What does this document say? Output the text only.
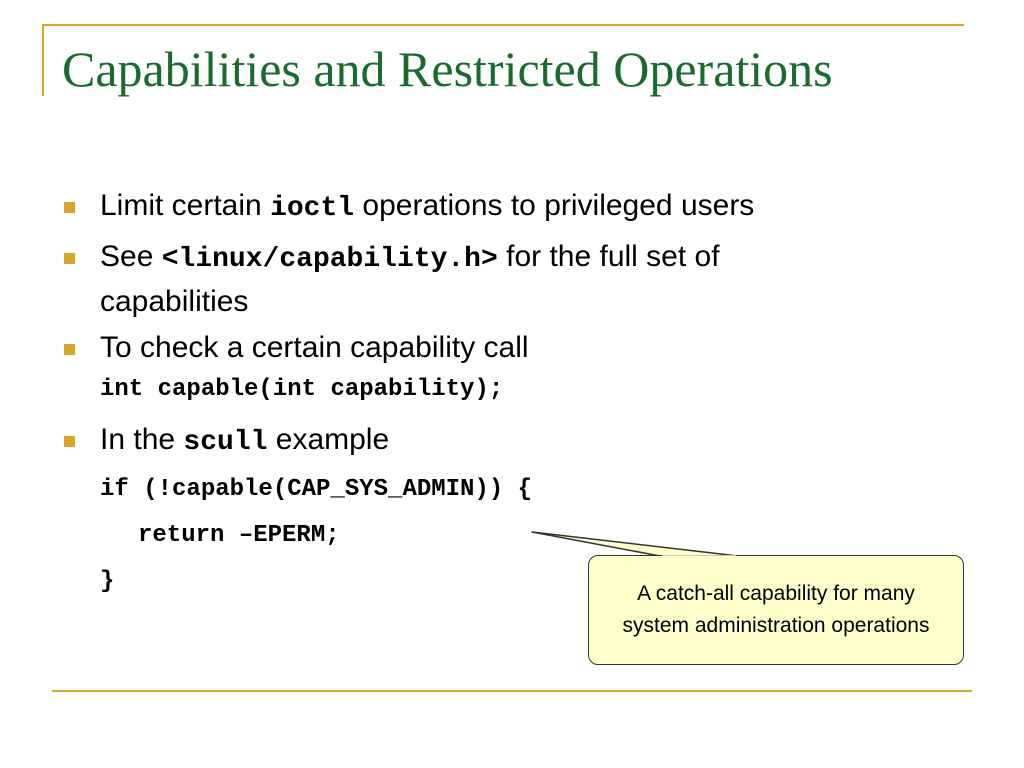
Capabilities and Restricted Operations
Limit certain ioctl operations to privileged users
See <linux/capability.h> for the full set of
capabilities
To check a certain capability call
int capable(int capability);
In the scull example
if (!capable(CAP_SYS_ADMIN)) {
return –EPERM;
}	A catch-all capability for many system administration operations
